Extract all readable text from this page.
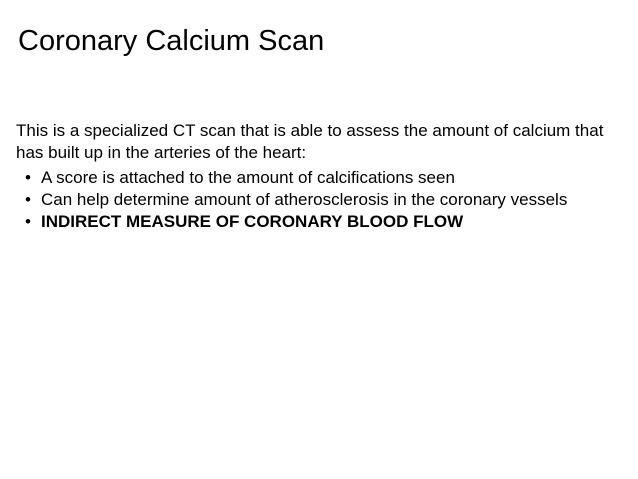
Coronary Calcium Scan
This is a specialized CT scan that is able to assess the amount of calcium that has built up in the arteries of the heart:
• A score is attached to the amount of calcifications seen
• Can help determine amount of atherosclerosis in the coronary vessels
• INDIRECT MEASURE OF CORONARY BLOOD FLOW
